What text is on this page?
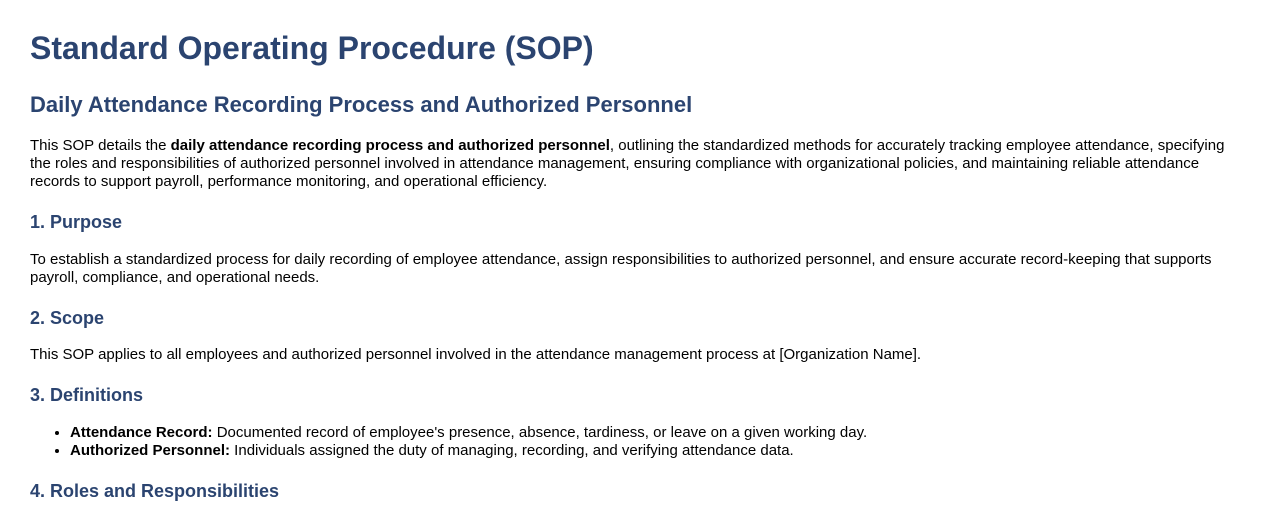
Standard Operating Procedure (SOP)
Daily Attendance Recording Process and Authorized Personnel

This SOP details the daily attendance recording process and authorized personnel, outlining the standardized methods for accurately tracking employee attendance, specifying the roles and responsibilities of authorized personnel involved in attendance management, ensuring compliance with organizational policies, and maintaining reliable attendance records to support payroll, performance monitoring, and operational efficiency.

1. Purpose

To establish a standardized process for daily recording of employee attendance, assign responsibilities to authorized personnel, and ensure accurate record-keeping that supports payroll, compliance, and operational needs.

2. Scope

This SOP applies to all employees and authorized personnel involved in the attendance management process at [Organization Name].

3. Definitions
• Attendance Record: Documented record of employee's presence, absence, tardiness, or leave on a given working day.
• Authorized Personnel: Individuals assigned the duty of managing, recording, and verifying attendance data.
4. Roles and Responsibilities
